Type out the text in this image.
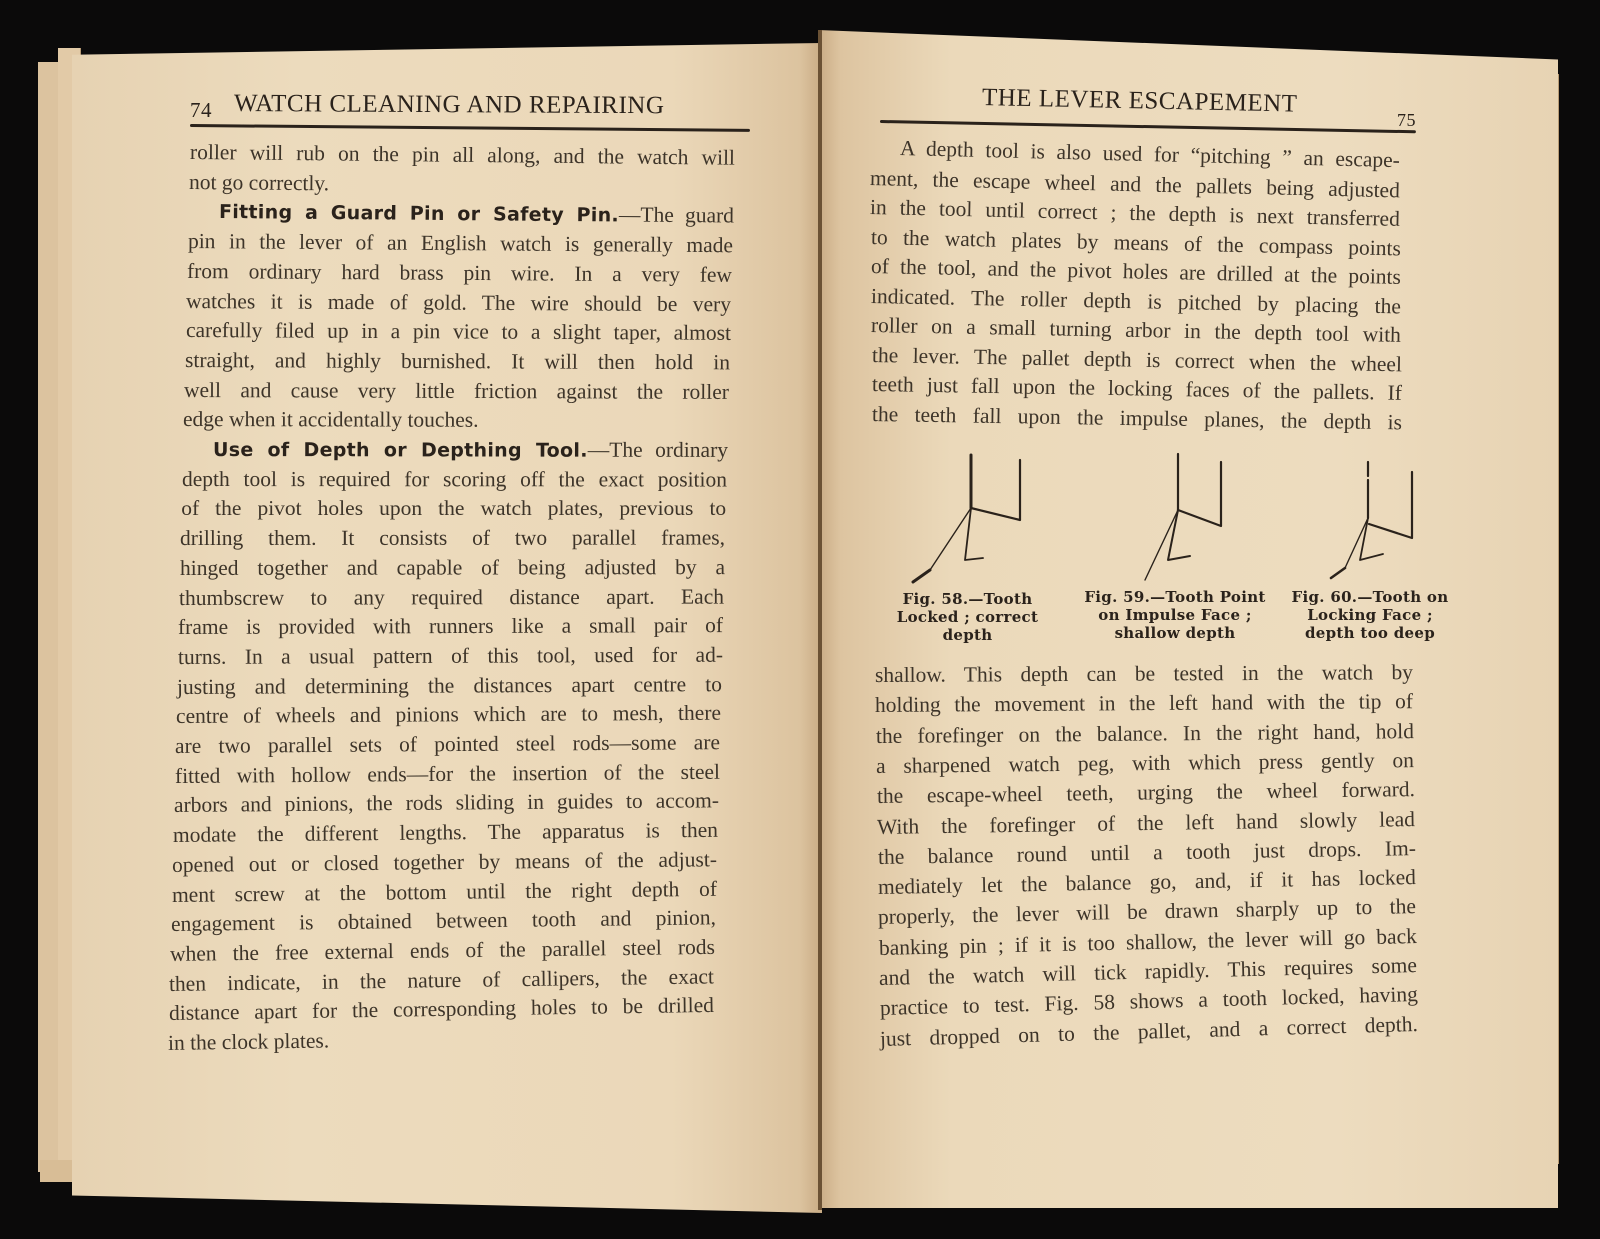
74 WATCH CLEANING AND REPAIRING
roller will rub on the pin all along, and the watch will
not go correctly.
Fitting a Guard Pin or Safety Pin.—The guard
pin in the lever of an English watch is generally made
from ordinary hard brass pin wire. In a very few
watches it is made of gold. The wire should be very
carefully filed up in a pin vice to a slight taper, almost
straight, and highly burnished. It will then hold in
well and cause very little friction against the roller
edge when it accidentally touches.
Use of Depth or Depthing Tool.—The ordinary
depth tool is required for scoring off the exact position
of the pivot holes upon the watch plates, previous to
drilling them. It consists of two parallel frames,
hinged together and capable of being adjusted by a
thumbscrew to any required distance apart. Each
frame is provided with runners like a small pair of
turns. In a usual pattern of this tool, used for ad-
justing and determining the distances apart centre to
centre of wheels and pinions which are to mesh, there
are two parallel sets of pointed steel rods—some are
fitted with hollow ends—for the insertion of the steel
arbors and pinions, the rods sliding in guides to accom-
modate the different lengths. The apparatus is then
opened out or closed together by means of the adjust-
ment screw at the bottom until the right depth of
engagement is obtained between tooth and pinion,
when the free external ends of the parallel steel rods
then indicate, in the nature of callipers, the exact
distance apart for the corresponding holes to be drilled
in the clock plates.
THE LEVER ESCAPEMENT
75
A depth tool is also used for “pitching ” an escape-
ment, the escape wheel and the pallets being adjusted
in the tool until correct ; the depth is next transferred
to the watch plates by means of the compass points
of the tool, and the pivot holes are drilled at the points
indicated. The roller depth is pitched by placing the
roller on a small turning arbor in the depth tool with
the lever. The pallet depth is correct when the wheel
teeth just fall upon the locking faces of the pallets. If
the teeth fall upon the impulse planes, the depth is
Fig. 58.—Tooth
Locked ; correct
depth
Fig. 59.—Tooth Point
on Impulse Face ;
shallow depth
Fig. 60.—Tooth on
Locking Face ;
depth too deep
shallow. This depth can be tested in the watch by
holding the movement in the left hand with the tip of
the forefinger on the balance. In the right hand, hold
a sharpened watch peg, with which press gently on
the escape-wheel teeth, urging the wheel forward.
With the forefinger of the left hand slowly lead
the balance round until a tooth just drops. Im-
mediately let the balance go, and, if it has locked
properly, the lever will be drawn sharply up to the
banking pin ; if it is too shallow, the lever will go back
and the watch will tick rapidly. This requires some
practice to test. Fig. 58 shows a tooth locked, having
just dropped on to the pallet, and a correct depth.
